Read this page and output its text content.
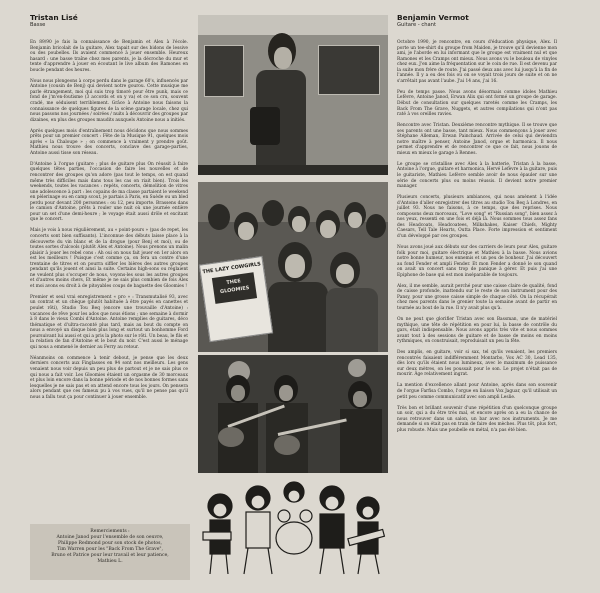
Tristan Lisé
Basse

En 89/90 je fais la connaissance de Benjamin et Alex à l'école. Benjamin bricolait de la guitare, Alex tapait sur des bidons de lessive ou des poubelles. Ils avaient commencé à jouer ensemble. Heureux hasard : une basse traîne chez mes parents, je la décroche du mur et tente d'apprendre à jouer en écoutant le live album des Ramones en boucle pendant des heures.

Nous nous plongeons à corps perdu dans le garage 60's, influencés par Antoine (cousin de Benj) qui devient notre gourou. Cette musique me parle étrangement, moi qui suis trop timoré pour être punk, mais ce fond de j'm'en-foutisme (3 accords et on y va) et ce son cru, souvent cradé, me séduisent terriblement. Grâce à Antoine nous faisons la connaissance de quelques figures de la scène garage locale, chez qui nous passons nos journées / soirées / nuits à découvrir des groupes par dizaines, en plus des groupes maudits auxquels Antoine nous a initiés.

Après quelques mois d'entraînement nous décidons que nous sommes prêts pour un premier concert : Fête de la Musique 91, quelques mois après « la Chaloupe » ; on commence à vraiment y prendre goût. Mathieu nous trouve des concerts, conclave des garage-parties, Antoine aussi tisse son réseau.

D'Antoine à l'orgue (guitare ; plus de guitare plus On réussit à faire quelques têtes parties, l'occasion de faire les nouvelles et de rencontrer des groupes qu'on adore (pas tout le temps, on est quand même très difficiles mais dans tous les cas on riait bien). Trois les weekends, toutes les vacances : repéts, concerts, démolition de vitres une adolescence à part : les copains de ma classe partaient le weekend en pèlerinage ou en camp scout, je partais à Paris, en Suède ou un bled perdu pour devant 200 personnes : ou 12, peu importe. Brassens dans le camion d'Antoine, prêts à rouler une nuit où une journée entière pour un set d'une demi-heure ; le voyage était aussi drôle et excitant que le concert.

Mais je vois à nous régulièrement, au « point-pours » (pas de repet, les concerts sont bien suffisants). L'inconnue des débuts laisse place à la découverte du vin blanc et de la drogue (pour Benj et moi), ou de toutes sortes d'alcools (plutôt Alex et Antoine). Nous prenons un malin plaisir à jouer les rebel cons : Ah oui on nous fait jouer en 1er alors on est les meilleurs ! Puisque c'est comme ça, on fera un contre d'une trentaine de titres et on pourra siffler les bières des autres groupes pendant qu'ils jouent et ainsi la suite. Certains high-sons ou réglaient ne veulent plus s'occuper de nous, voyons-les sous les autres groupes et d'autres moins chers, Et même je ne sais plus combien de fois Alex et moi avons eu droit à de pitoyables coups de baguette des Gloomies !

Premier et seul vrai enregistrement « pro » : Transmutalisé 93, avec un contrat et un chèque (plutôt habituée à être payés en canettes et poulet rôti), Studio Tou Beq (encore une trouvaille d'Antoine) : vacances de rêve pour les ados que nous étions ; une semaine à dormir à 8 dans le vieux Combi d'Antoine. Antoine remplies de guitares, déco thématique et d'ultra-raconté plus tard, mais au bout du compte on nous a envoyé un disque bien plus long et surtout un bonhomme Ford poursuivant lui aussi et qui a pris la photo sur le rôti. Un beau, le fils et la relation de fan d'Antoine et le bout du noir. C'est aussi le ménage qui nous a emmené le dernier au Ferry au retour.

Néanmoins on commence à tenir debout, je pense que les deux derniers concerts aux Finglasses en 94 sont nos meilleurs. Les gens venaient nous voir depuis un peu plus de partout et je ne sais plus ce qui nous a fait voir. Les Gloomies étaient un orgasme de 30 morceaux et plus loin encore dans la bonne période et de nos bonnes formes sans lesquelles je ne sais pas et on attend encore tous les jours. On pensera alors pendant que ces fameux pu à vos vues, qu'il ne pense pas qu'il nous a fallu tout ça pour continuer à jouer ensemble.

Remerciements :
Antoine Janod pour l'ensemble de son oeuvre,
Philippe Redmond pour son stock de photos,
Tim Warren pour les "Back From The Grave",
Bruno et Patrice pour leur travail et leur patience,
Mathieu L.
THE LAZY COWGIRLS
THEE GLOOMIES
Benjamin Vermot
Guitare - chant

Octobre 1990, je rencontre, en cours d'éducation physique, Alex. Il porte un tee-shirt du groupe from Maiden, je trouve qu'il devienne mon ami, je l'aborde en lui informant que le groupe est vraiment nul et que Ramones et les Cramps ont mieux. Nous avons vu le bouleau de vinyles chez eux. J'en aime la fréquentation sur le coin de rue. Il est devenu par la suite mon frère de route. J'ai passé deux ans avec lui jusqu'à la fin de l'année. Il y a eu des fois où on se voyait trois jours de suite et on ne s'arrêtait pas avant l'aube. J'ai 14 ans, j'ai 16.

Peu de temps passe. Nous avons désormais comme idoles Mathieu Lefèvre, Antoine Janod, Erwan Alix qui ont formé un groupe de garage. Début de consultation sur quelques raretés comme les Cramps, les Back From The Grave, Nuggets, et autres compilations qui n'ont pas raté à vos oreilles ravies.

Rencontre avec Tristan. Deuxième rencontre mythique. Il se trouve que ses parents ont une basse, tant mieux. Nous commençons à jouer avec Stéphane Alleman, Erwan Painchaud. Arrivée de celui qui deviendra notre maître à penser, Antoine Janod, orgue et harmonica. Il nous permet d'apprendre et de rencontrer ce que ce fait, nous jouons de mieux en mieux le garage à Rennes.

Le groupe se cristallise avec Alex à la batterie, Tristan à la basse, Antoine à l'orgue, guitare et harmonica, Hervé Lefèvre à la guitare, puis le guitariste, Mathieu Lefèvre semble avoir de nous épauler sur une série de concerts plus ou moins réussis. Il devient notre premier manager.

Plusieurs concerts, plusieurs ambiances, qui nous amènent à l'idée d'Antoine d'aller enregistrer des titres au studio Tou Beq à Londres, en juillet 93. Nous ne faisons, à ce temps, que des reprises. Nous composons deux morceaux, "Love song" et "Russian song", bien assez à nos yeux, ressenti en une fois et déjà là. Nous sommes tous assez fans des Headcoats, Headcoatees, Milkshakes, Kaiser Chiefs, Mighty Caesars, Tell Tale Hearts, Outta Place. Forte impression et sentiment d'un développé par ces groupes.

Nous avons joué aux débuts sur des carriers de leurs pour Alex, guitare folk pour moi, guitare électrique et Mathieu à la basse. Nous avions notre bonne humeur, nos ennemis et un peu de bonheur. J'ai découvert au fond Fender et ampli Fender. Et mon Fender a donné le son quand on avait un concert sans trop de panique à gérer. Et puis j'ai une Epiphone de base qui est mon inséparable de toujours.

Alex, il me semble, aurait perché pour une caisse claire de qualité, fond de caisse profonde, inattendu sur le reste de son instrument pour des Pansy, pour une grosse caisse simple de chaque côté. On la récupérait chez mes parents dans le grenier toute la semaine avant de partir en tournée au bout de la rue. Il n'y avait plus qu'à.

On ne peut que glorifier Tristan avec son Bassman, une de matériel mythique, une tête de répétition en pour lui, la basse de contrôle du gars, était indispensable. Nous avons appris très vite et nous sommes avant tout à des sessions de guitare et de basse de moins en moins rythmiques, on construisait, reproduisait un peu la fête.

Des amplis, en guitare, voir si sax, tel qu'ils venaient, les premiers rencontrés faisaient indifféremment Montarbo, Vox AC 30, Lead 135, dès lors qu'ils étaient nous lumineux, avec le maximum de puissance sur deux mètres, on les poussait pour le son. Le projet n'était pas de mourir. Âge relativement ingrat.

La mention d'excellence allant pour Antoine, après dans son souvenir de l'orgue Farfisa Combo, l'orgue en liaison Vox Jaguar, qu'il utilisait un petit peu comme communicatif avec son ampli Leslie.

Très bon et brillant souvenir d'une répétition d'un quelconque groupe un soir, qui a du être très mal, et encore après on a eu la chance de nous retrouver dans un salon, un bar avec nos instruments. Je me demande si on était pas en train de faire des mèches. Plus tôt, plus fort, plus robuste. Mais une poubelle en métal, n'a pas été bien.
